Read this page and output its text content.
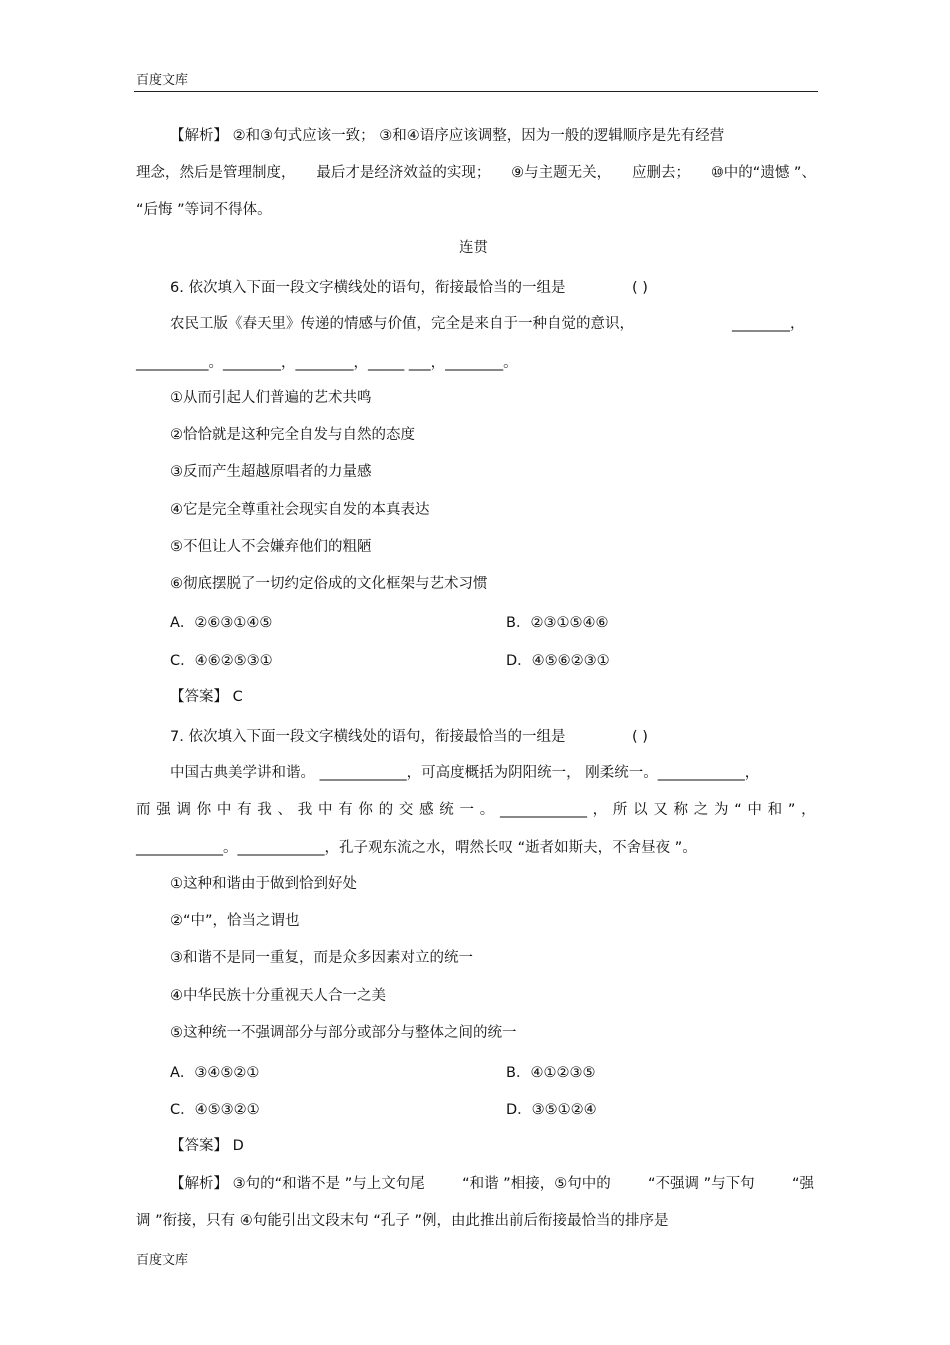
百度文库
【解析】 ②和③句式应该一致； ③和④语序应该调整，因为一般的逻辑顺序是先有经营
理念，然后是管理制度， 最后才是经济效益的实现； ⑨与主题无关， 应删去； ⑩中的“遗憾 ”、
“后悔 ”等词不得体。
连贯
6. 依次填入下面一段文字横线处的语句，衔接最恰当的一组是	( )
农民工版《春天里》传递的情感与价值，完全是来自于一种自觉的意识，	________，
__________。________，________，_____ ___，________。
①从而引起人们普遍的艺术共鸣
②恰恰就是这种完全自发与自然的态度
③反而产生超越原唱者的力量感
④它是完全尊重社会现实自发的本真表达
⑤不但让人不会嫌弃他们的粗陋
⑥彻底摆脱了一切约定俗成的文化框架与艺术习惯
A．②⑥③①④⑤	B．②③①⑤④⑥
C．④⑥②⑤③①	D．④⑤⑥②③①
【答案】 C
7. 依次填入下面一段文字横线处的语句，衔接最恰当的一组是	( )
中国古典美学讲和谐。 ____________，可高度概括为阴阳统一， 刚柔统一。____________，
而 强 调 你 中 有 我 、 我 中 有 你 的 交 感 统 一 。 ____________ ， 所 以 又 称 之 为 “ 中 和 ” ，
____________。____________，孔子观东流之水，喟然长叹 “逝者如斯夫，不舍昼夜 ”。
①这种和谐由于做到恰到好处
②“中”，恰当之谓也
③和谐不是同一重复，而是众多因素对立的统一
④中华民族十分重视天人合一之美
⑤这种统一不强调部分与部分或部分与整体之间的统一
A．③④⑤②①	B．④①②③⑤
C．④⑤③②①	D．③⑤①②④
【答案】 D
【解析】 ③句的“和谐不是 ”与上文句尾	“和谐 ”相接，⑤句中的	“不强调 ”与下句	“强
调 ”衔接，只有 ④句能引出文段末句 “孔子 ”例，由此推出前后衔接最恰当的排序是
百度文库
